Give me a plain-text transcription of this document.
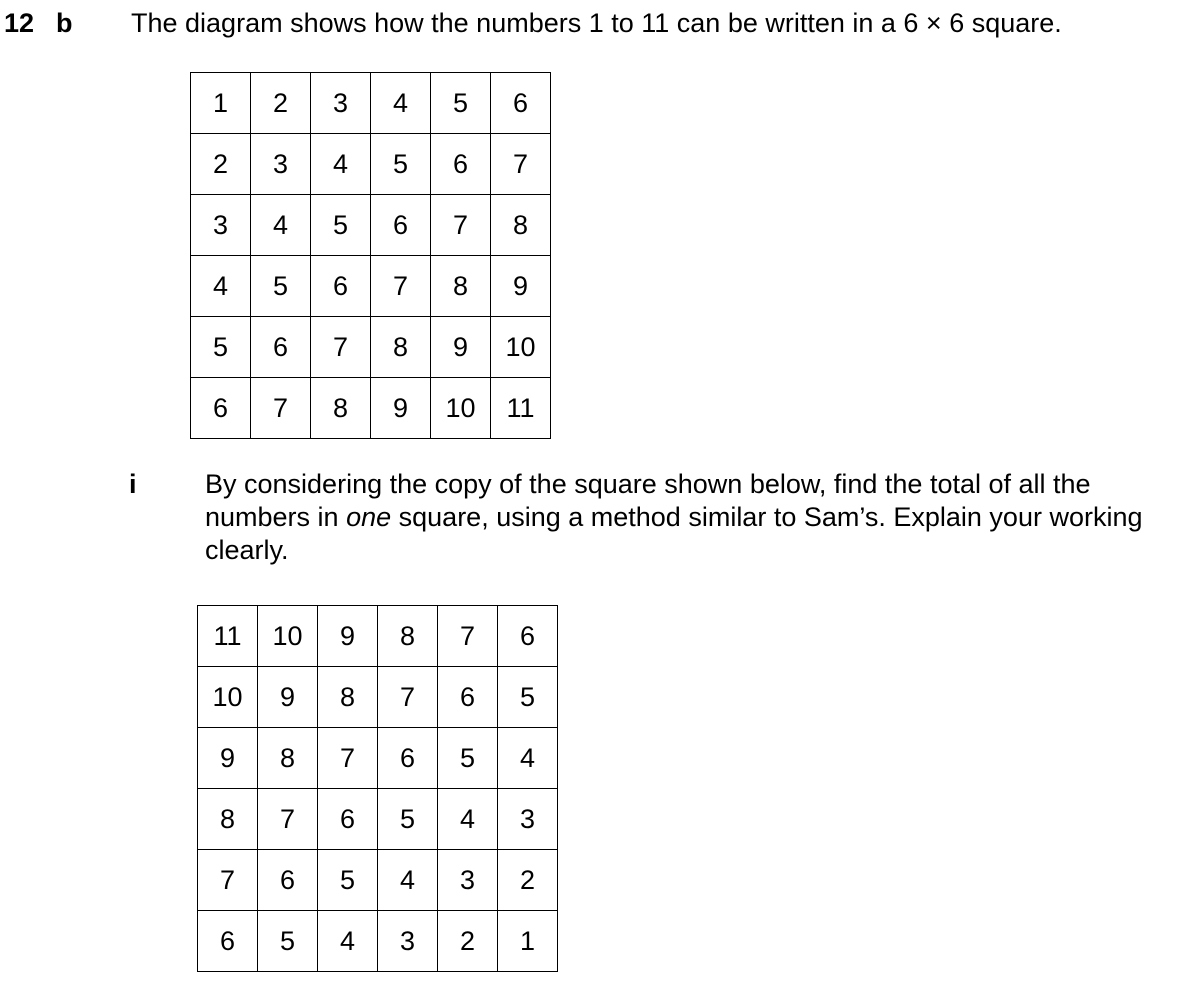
12 b The diagram shows how the numbers 1 to 11 can be written in a 6 × 6 square.
1	2	3	4	5	6
2	3	4	5	6	7
3	4	5	6	7	8
4	5	6	7	8	9
5	6	7	8	9	10
6	7	8	9	10	11
i	By considering the copy of the square shown below, find the total of all the numbers in one square, using a method similar to Sam’s. Explain your working clearly.
11	10	9	8	7	6
10	9	8	7	6	5
9	8	7	6	5	4
8	7	6	5	4	3
7	6	5	4	3	2
6	5	4	3	2	1
